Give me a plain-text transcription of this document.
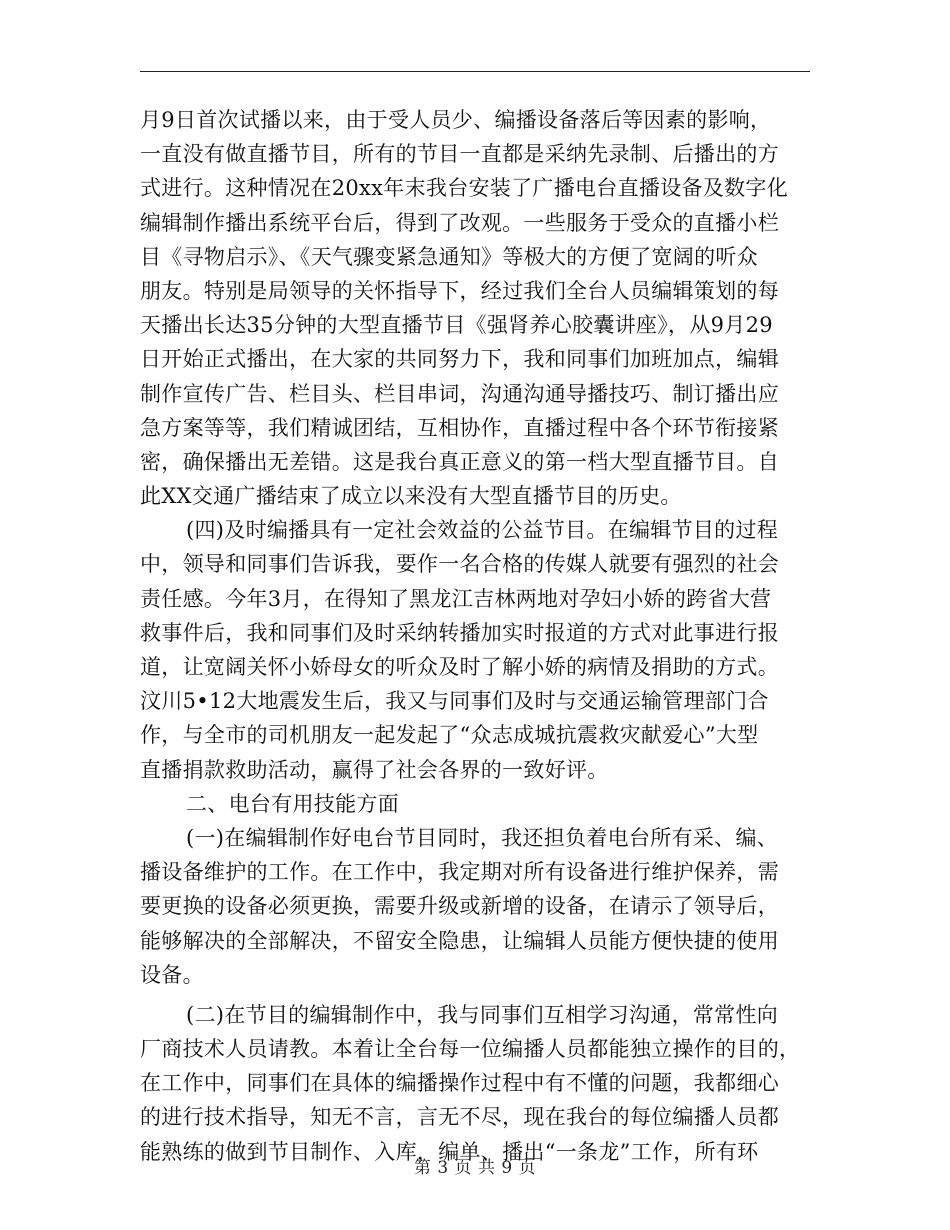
月9日首次试播以来，由于受人员少、编播设备落后等因素的影响，
一直没有做直播节目，所有的节目一直都是采纳先录制、后播出的方
式进行。这种情况在20xx年末我台安装了广播电台直播设备及数字化
编辑制作播出系统平台后，得到了改观。一些服务于受众的直播小栏
目《寻物启示》、《天气骤变紧急通知》等极大的方便了宽阔的听众
朋友。特别是局领导的关怀指导下，经过我们全台人员编辑策划的每
天播出长达35分钟的大型直播节目《强肾养心胶囊讲座》，从9月29
日开始正式播出，在大家的共同努力下，我和同事们加班加点，编辑
制作宣传广告、栏目头、栏目串词，沟通沟通导播技巧、制订播出应
急方案等等，我们精诚团结，互相协作，直播过程中各个环节衔接紧
密，确保播出无差错。这是我台真正意义的第一档大型直播节目。自
此XX交通广播结束了成立以来没有大型直播节目的历史。
(四)及时编播具有一定社会效益的公益节目。在编辑节目的过程
中，领导和同事们告诉我，要作一名合格的传媒人就要有强烈的社会
责任感。今年3月，在得知了黑龙江吉林两地对孕妇小娇的跨省大营
救事件后，我和同事们及时采纳转播加实时报道的方式对此事进行报
道，让宽阔关怀小娇母女的听众及时了解小娇的病情及捐助的方式。
汶川5•12大地震发生后，我又与同事们及时与交通运输管理部门合
作，与全市的司机朋友一起发起了“众志成城抗震救灾献爱心”大型
直播捐款救助活动，赢得了社会各界的一致好评。
二、电台有用技能方面
(一)在编辑制作好电台节目同时，我还担负着电台所有采、编、
播设备维护的工作。在工作中，我定期对所有设备进行维护保养，需
要更换的设备必须更换，需要升级或新增的设备，在请示了领导后，
能够解决的全部解决，不留安全隐患，让编辑人员能方便快捷的使用
设备。
(二)在节目的编辑制作中，我与同事们互相学习沟通，常常性向
厂商技术人员请教。本着让全台每一位编播人员都能独立操作的目的，
在工作中，同事们在具体的编播操作过程中有不懂的问题，我都细心
的进行技术指导，知无不言，言无不尽，现在我台的每位编播人员都
能熟练的做到节目制作、入库，编单、播出“一条龙”工作，所有环
第 3 页 共 9 页
